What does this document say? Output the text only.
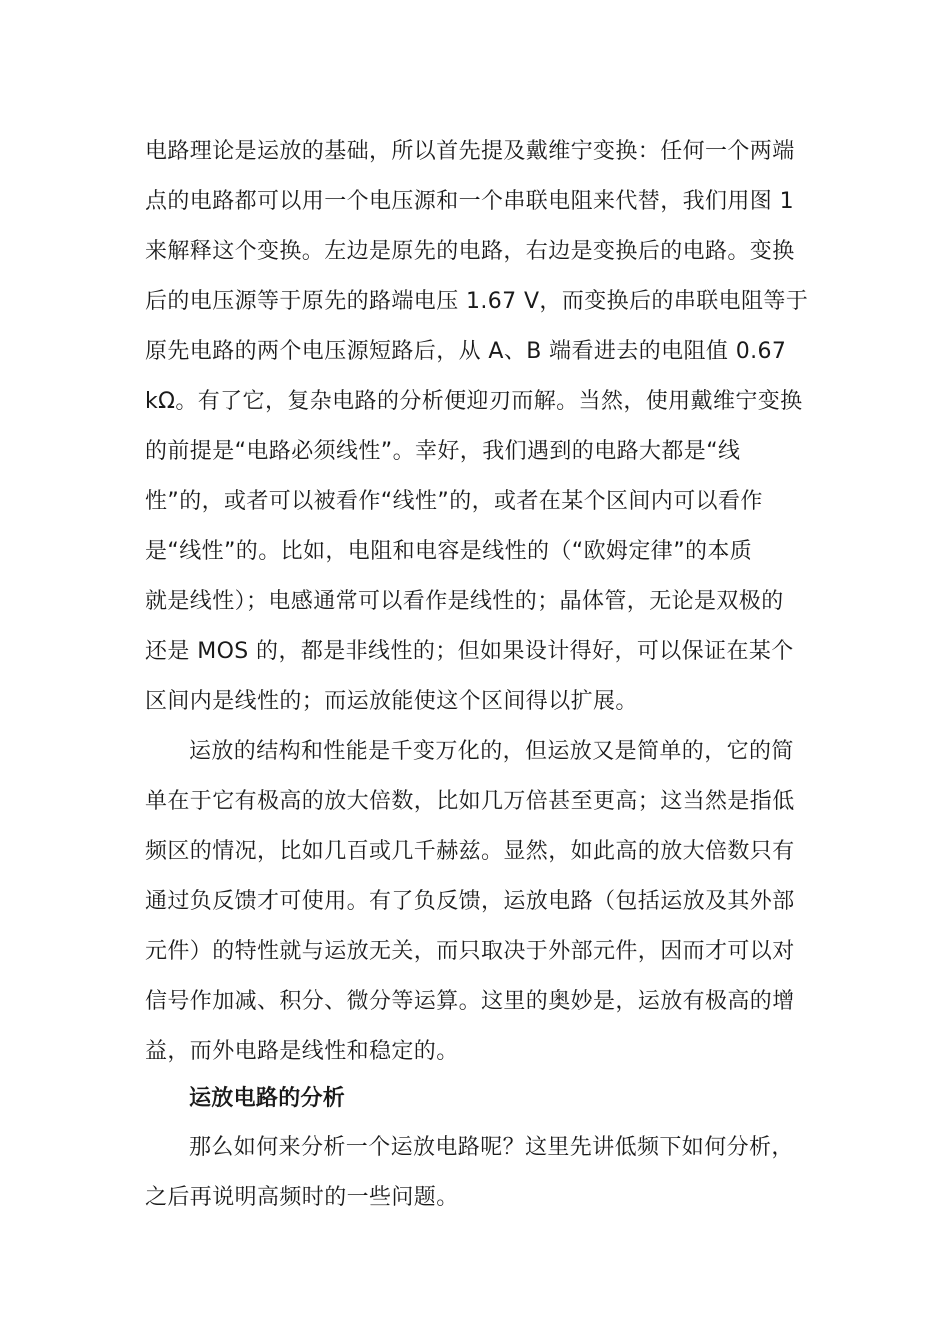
电路理论是运放的基础，所以首先提及戴维宁变换：任何一个两端
点的电路都可以用一个电压源和一个串联电阻来代替，我们用图 1
来解释这个变换。左边是原先的电路，右边是变换后的电路。变换
后的电压源等于原先的路端电压 1.67 V，而变换后的串联电阻等于
原先电路的两个电压源短路后，从 A、B 端看进去的电阻值 0.67
kΩ。有了它，复杂电路的分析便迎刃而解。当然，使用戴维宁变换
的前提是“电路必须线性”。幸好，我们遇到的电路大都是“线
性”的，或者可以被看作“线性”的，或者在某个区间内可以看作
是“线性”的。比如，电阻和电容是线性的（“欧姆定律”的本质
就是线性）；电感通常可以看作是线性的；晶体管，无论是双极的
还是 MOS 的，都是非线性的；但如果设计得好，可以保证在某个
区间内是线性的；而运放能使这个区间得以扩展。
运放的结构和性能是千变万化的，但运放又是简单的，它的简
单在于它有极高的放大倍数，比如几万倍甚至更高；这当然是指低
频区的情况，比如几百或几千赫兹。显然，如此高的放大倍数只有
通过负反馈才可使用。有了负反馈，运放电路（包括运放及其外部
元件）的特性就与运放无关，而只取决于外部元件，因而才可以对
信号作加减、积分、微分等运算。这里的奥妙是，运放有极高的增
益，而外电路是线性和稳定的。
运放电路的分析
那么如何来分析一个运放电路呢？这里先讲低频下如何分析，
之后再说明高频时的一些问题。
